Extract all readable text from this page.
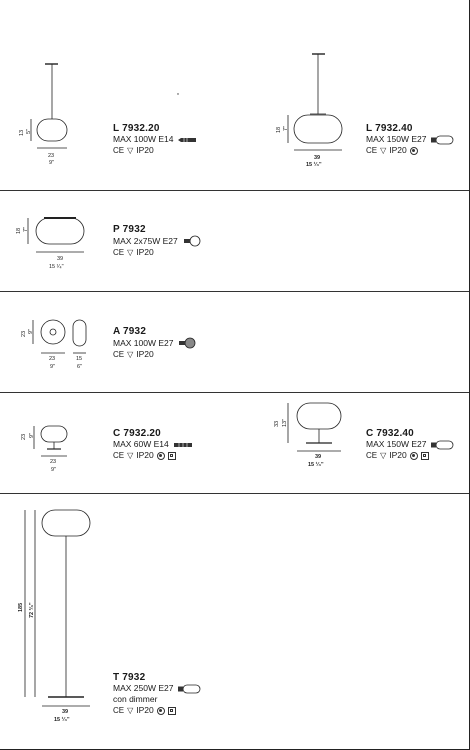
13 5"
23
9"
18 7"
39
15 ¹⁄₄"
18 7"
39
15 ¹⁄₄"
23 9"
23
9"
15
6"
23 9"
23
9"
33 13"
39
15 ¹⁄₄"
185 72 ³⁄₄"
39
15 ¹⁄₄"
L 7932.20
MAX 100W E14
CE ▽ IP20
L 7932.40
MAX 150W E27
CE ▽ IP20
P 7932
MAX 2x75W E27
CE ▽ IP20
A 7932
MAX 100W E27
CE ▽ IP20
C 7932.20
MAX 60W E14
CE ▽ IP20
C 7932.40
MAX 150W E27
CE ▽ IP20
T 7932
MAX 250W E27
con dimmer
CE ▽ IP20
